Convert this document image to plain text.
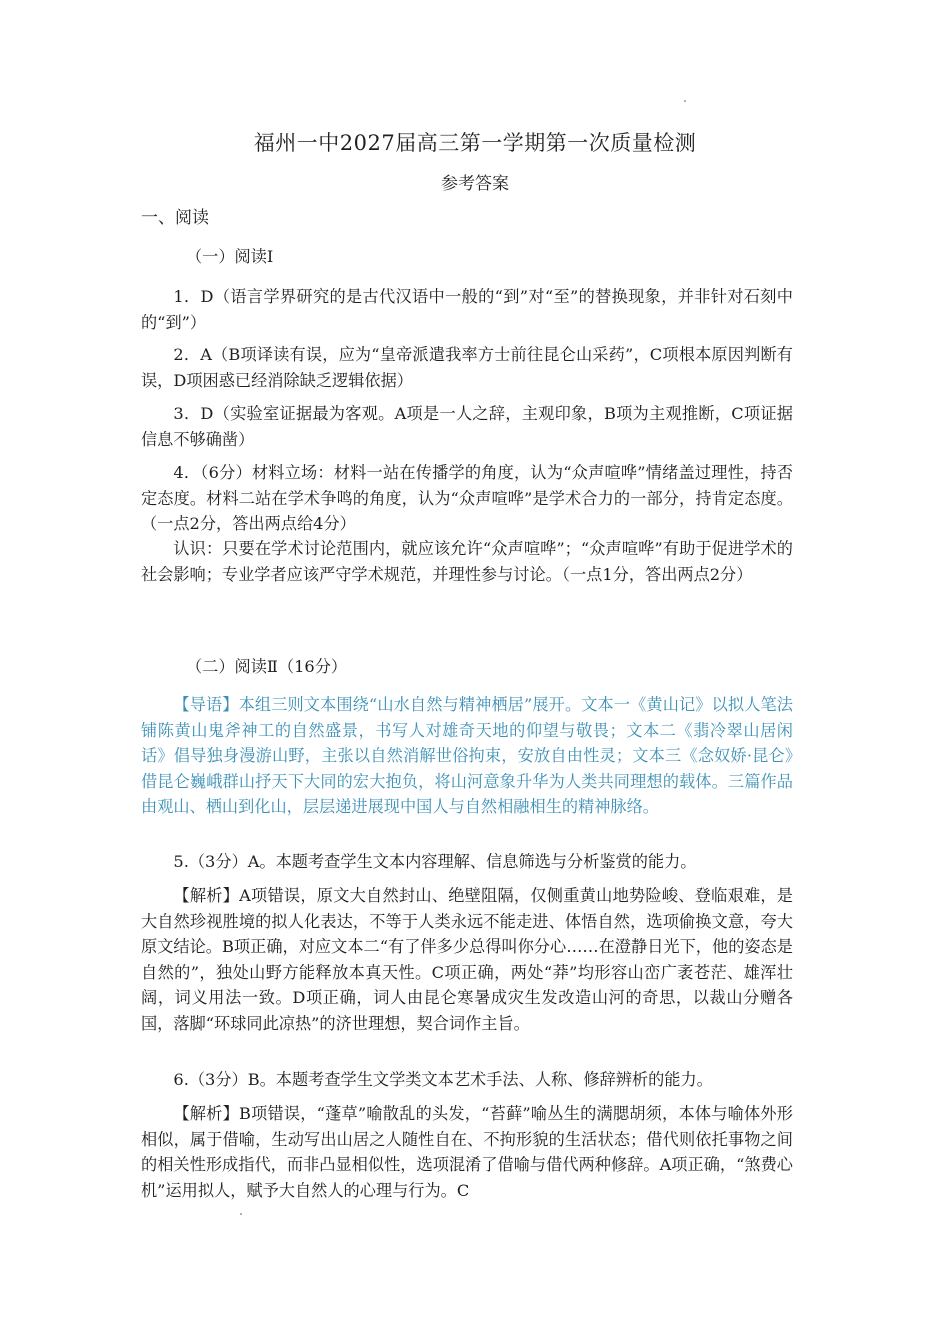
福州一中2027届高三第一学期第一次质量检测
参考答案
一、阅读
（一）阅读Ⅰ

1．D（语言学界研究的是古代汉语中一般的“到”对“至”的替换现象，并非针对石刻中的“到”）

2．A（B项译读有误，应为“皇帝派遣我率方士前往昆仑山采药”，C项根本原因判断有误，D项困惑已经消除缺乏逻辑依据）

3．D（实验室证据最为客观。A项是一人之辞，主观印象，B项为主观推断，C项证据信息不够确凿）

4．（6分）材料立场：材料一站在传播学的角度，认为“众声喧哗”情绪盖过理性，持否定态度。材料二站在学术争鸣的角度，认为“众声喧哗”是学术合力的一部分，持肯定态度。（一点2分，答出两点给4分）

认识：只要在学术讨论范围内，就应该允许“众声喧哗”；“众声喧哗”有助于促进学术的社会影响；专业学者应该严守学术规范，并理性参与讨论。（一点1分，答出两点2分）

（二）阅读Ⅱ（16分）

【导语】本组三则文本围绕“山水自然与精神栖居”展开。文本一《黄山记》以拟人笔法铺陈黄山鬼斧神工的自然盛景，书写人对雄奇天地的仰望与敬畏；文本二《翡冷翠山居闲话》倡导独身漫游山野，主张以自然消解世俗拘束，安放自由性灵；文本三《念奴娇·昆仑》借昆仑巍峨群山抒天下大同的宏大抱负，将山河意象升华为人类共同理想的载体。三篇作品由观山、栖山到化山，层层递进展现中国人与自然相融相生的精神脉络。

5.（3分）A。本题考查学生文本内容理解、信息筛选与分析鉴赏的能力。

【解析】A项错误，原文大自然封山、绝壁阻隔，仅侧重黄山地势险峻、登临艰难，是大自然珍视胜境的拟人化表达，不等于人类永远不能走进、体悟自然，选项偷换文意，夸大原文结论。B项正确，对应文本二“有了伴多少总得叫你分心……在澄静日光下，他的姿态是自然的”，独处山野方能释放本真天性。C项正确，两处“莽”均形容山峦广袤苍茫、雄浑壮阔，词义用法一致。D项正确，词人由昆仑寒暑成灾生发改造山河的奇思，以裁山分赠各国，落脚“环球同此凉热”的济世理想，契合词作主旨。

6.（3分）B。本题考查学生文学类文本艺术手法、人称、修辞辨析的能力。

【解析】B项错误，“蓬草”喻散乱的头发，“苔藓”喻丛生的满腮胡须，本体与喻体外形相似，属于借喻，生动写出山居之人随性自在、不拘形貌的生活状态；借代则依托事物之间的相关性形成指代，而非凸显相似性，选项混淆了借喻与借代两种修辞。A项正确，“煞费心机”运用拟人，赋予大自然人的心理与行为。C
